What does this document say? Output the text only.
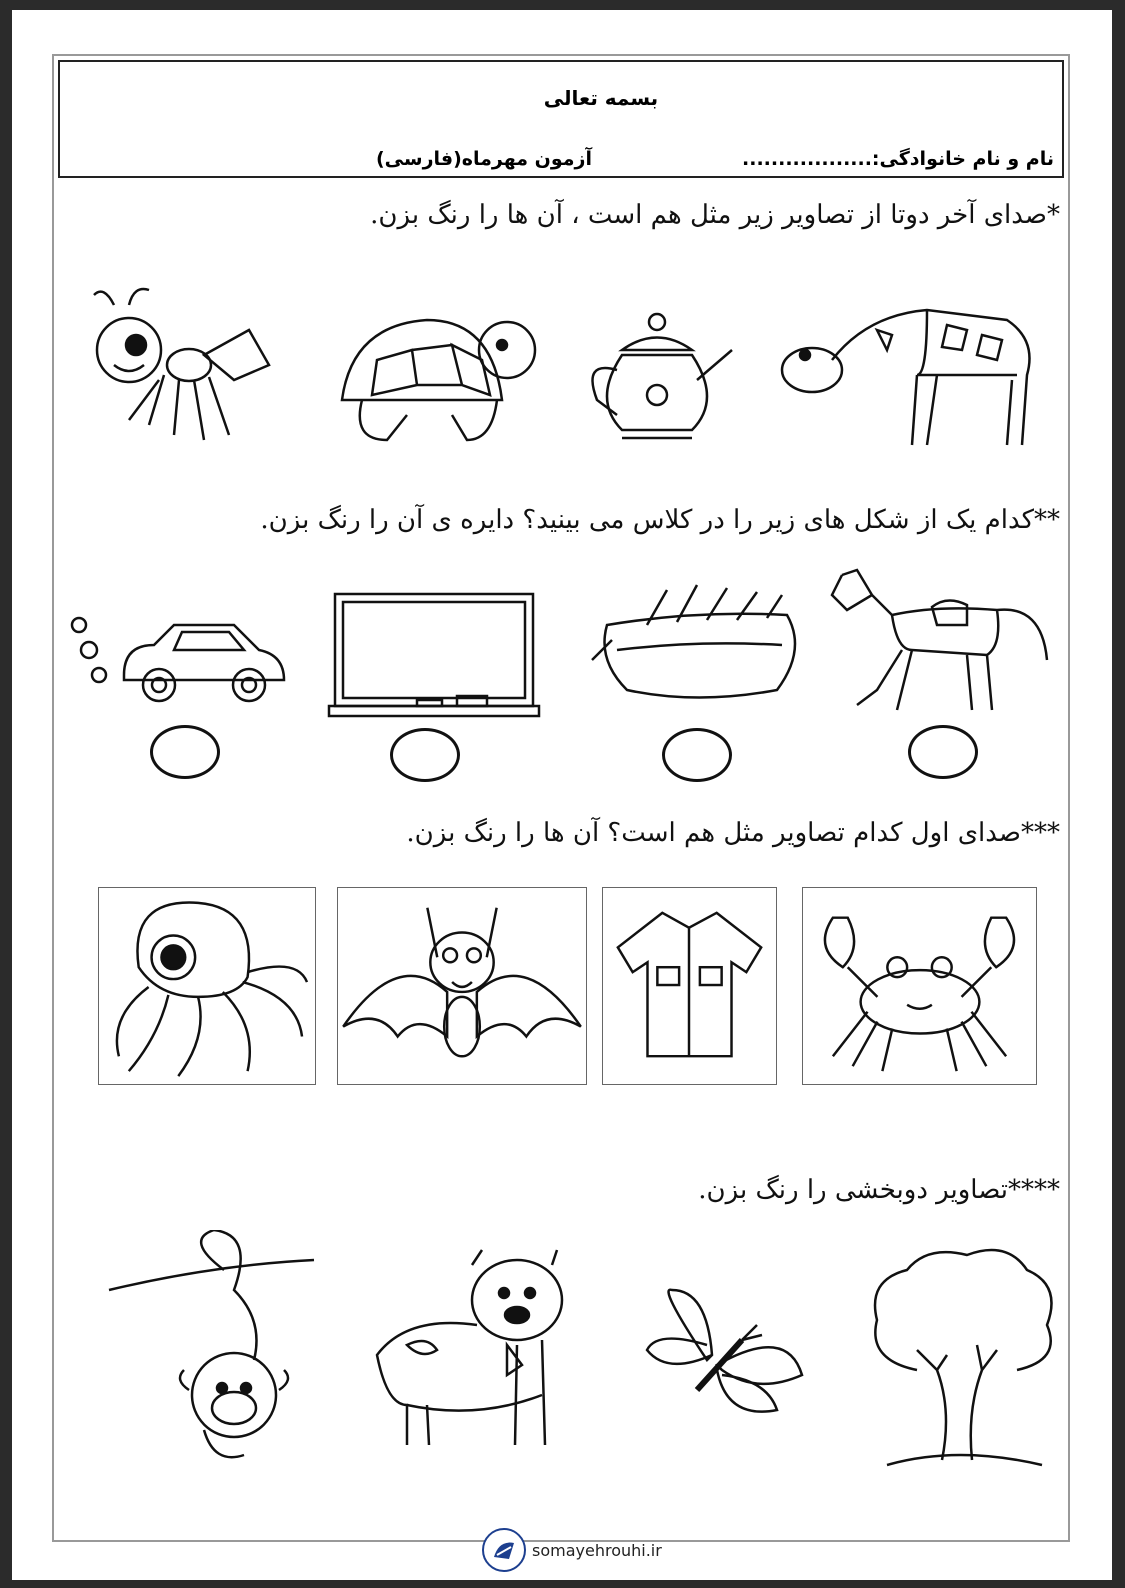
بسمه تعالی
نام و نام خانوادگی:..................
آزمون مهرماه(فارسی)
*صدای آخر دوتا از تصاویر زیر مثل هم است ، آن ها را رنگ بزن.
**کدام یک از شکل های زیر را در کلاس می بینید؟ دایره ی آن را رنگ بزن.
***صدای اول کدام تصاویر مثل هم است؟ آن ها را رنگ بزن.
****تصاویر دوبخشی را رنگ بزن.
somayehrouhi.ir
